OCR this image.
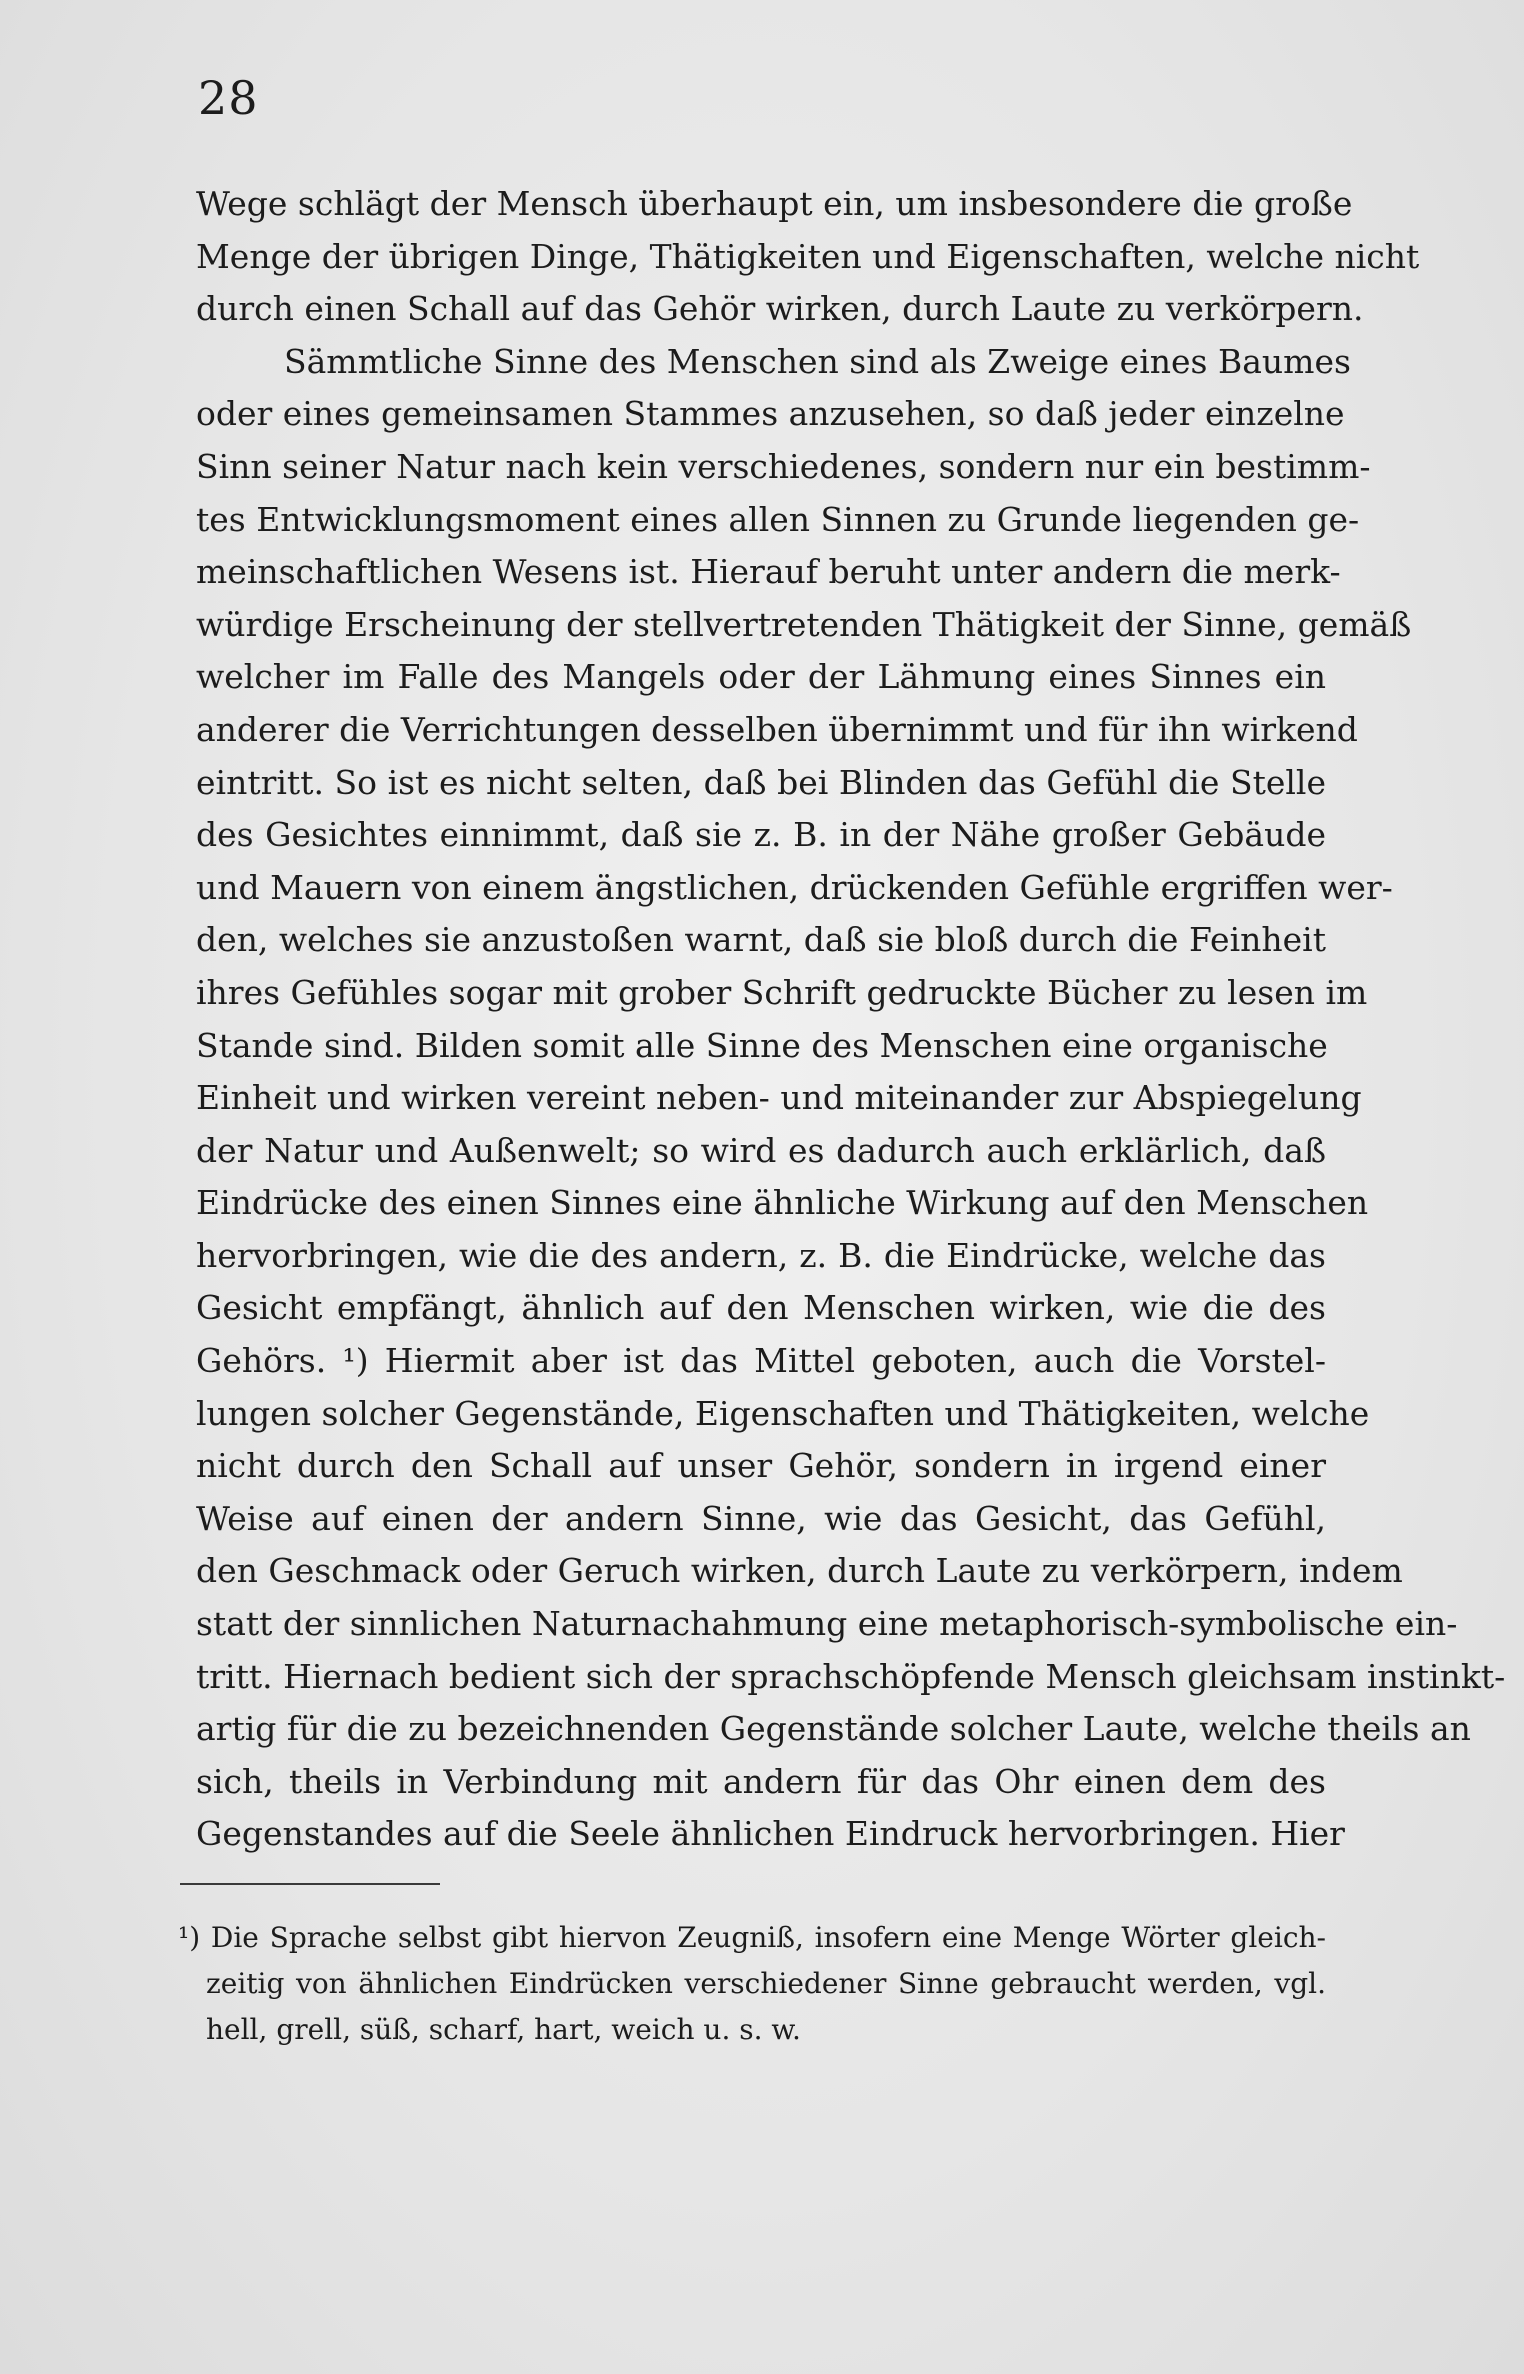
28
Wege schlägt der Mensch überhaupt ein, um insbesondere die große
Menge der übrigen Dinge, Thätigkeiten und Eigenschaften, welche nicht
durch einen Schall auf das Gehör wirken, durch Laute zu verkörpern.
Sämmtliche Sinne des Menschen sind als Zweige eines Baumes
oder eines gemeinsamen Stammes anzusehen, so daß jeder einzelne
Sinn seiner Natur nach kein verschiedenes, sondern nur ein bestimm-
tes Entwicklungsmoment eines allen Sinnen zu Grunde liegenden ge-
meinschaftlichen Wesens ist. Hierauf beruht unter andern die merk-
würdige Erscheinung der stellvertretenden Thätigkeit der Sinne, gemäß
welcher im Falle des Mangels oder der Lähmung eines Sinnes ein
anderer die Verrichtungen desselben übernimmt und für ihn wirkend
eintritt. So ist es nicht selten, daß bei Blinden das Gefühl die Stelle
des Gesichtes einnimmt, daß sie z. B. in der Nähe großer Gebäude
und Mauern von einem ängstlichen, drückenden Gefühle ergriffen wer-
den, welches sie anzustoßen warnt, daß sie bloß durch die Feinheit
ihres Gefühles sogar mit grober Schrift gedruckte Bücher zu lesen im
Stande sind. Bilden somit alle Sinne des Menschen eine organische
Einheit und wirken vereint neben- und miteinander zur Abspiegelung
der Natur und Außenwelt; so wird es dadurch auch erklärlich, daß
Eindrücke des einen Sinnes eine ähnliche Wirkung auf den Menschen
hervorbringen, wie die des andern, z. B. die Eindrücke, welche das
Gesicht empfängt, ähnlich auf den Menschen wirken, wie die des
Gehörs. ¹) Hiermit aber ist das Mittel geboten, auch die Vorstel-
lungen solcher Gegenstände, Eigenschaften und Thätigkeiten, welche
nicht durch den Schall auf unser Gehör, sondern in irgend einer
Weise auf einen der andern Sinne, wie das Gesicht, das Gefühl,
den Geschmack oder Geruch wirken, durch Laute zu verkörpern, indem
statt der sinnlichen Naturnachahmung eine metaphorisch-symbolische ein-
tritt. Hiernach bedient sich der sprachschöpfende Mensch gleichsam instinkt-
artig für die zu bezeichnenden Gegenstände solcher Laute, welche theils an
sich, theils in Verbindung mit andern für das Ohr einen dem des
Gegenstandes auf die Seele ähnlichen Eindruck hervorbringen. Hier
¹) Die Sprache selbst gibt hiervon Zeugniß, insofern eine Menge Wörter gleich-
zeitig von ähnlichen Eindrücken verschiedener Sinne gebraucht werden, vgl.
hell, grell, süß, scharf, hart, weich u. s. w.
